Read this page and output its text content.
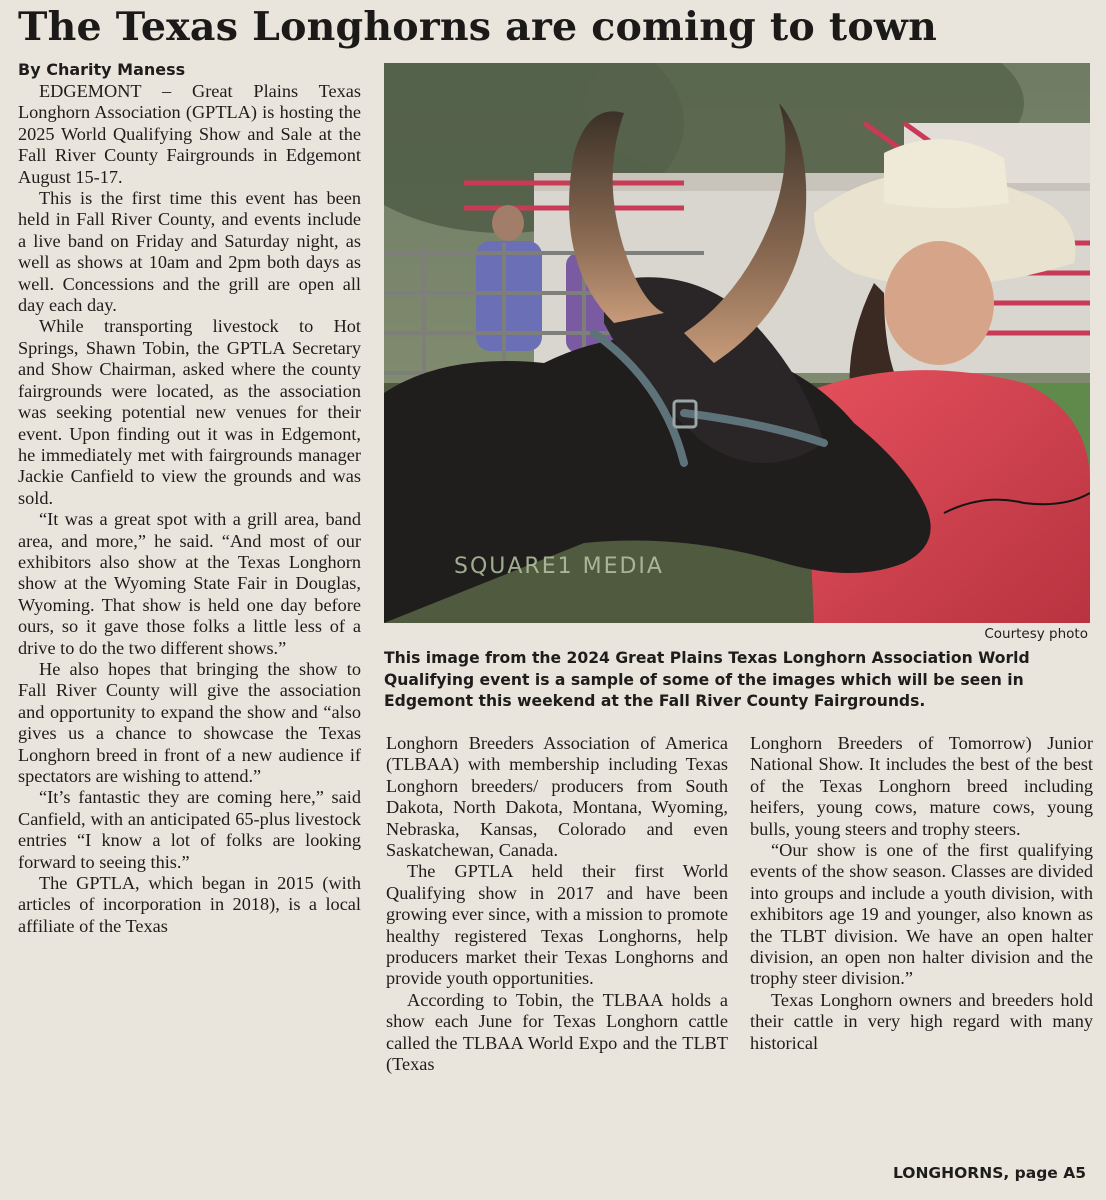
The Texas Longhorns are coming to town
By Charity Maness

EDGEMONT – Great Plains Texas Longhorn Association (GPTLA) is hosting the 2025 World Qualifying Show and Sale at the Fall River County Fairgrounds in Edgemont August 15-17.

This is the first time this event has been held in Fall River County, and events include a live band on Friday and Saturday night, as well as shows at 10am and 2pm both days as well. Concessions and the grill are open all day each day.

While transporting livestock to Hot Springs, Shawn Tobin, the GPTLA Secretary and Show Chairman, asked where the county fairgrounds were located, as the association was seeking potential new venues for their event. Upon finding out it was in Edgemont, he immediately met with fairgrounds manager Jackie Canfield to view the grounds and was sold.

“It was a great spot with a grill area, band area, and more,” he said. “And most of our exhibitors also show at the Texas Longhorn show at the Wyoming State Fair in Douglas, Wyoming. That show is held one day before ours, so it gave those folks a little less of a drive to do the two different shows.”

He also hopes that bringing the show to Fall River County will give the association and opportunity to expand the show and “also gives us a chance to showcase the Texas Longhorn breed in front of a new audience if spectators are wishing to attend.”

“It’s fantastic they are coming here,” said Canfield, with an anticipated 65-plus livestock entries “I know a lot of folks are looking forward to seeing this.”

The GPTLA, which began in 2015 (with articles of incorporation in 2018), is a local affiliate of the Texas

SQUARE1 MEDIA
Courtesy photo
This image from the 2024 Great Plains Texas Longhorn Association World Qualifying event is a sample of some of the images which will be seen in Edgemont this weekend at the Fall River County Fairgrounds.

Longhorn Breeders Association of America (TLBAA) with membership including Texas Longhorn breeders/ producers from South Dakota, North Dakota, Montana, Wyoming, Nebraska, Kansas, Colorado and even Saskatchewan, Canada.

The GPTLA held their first World Qualifying show in 2017 and have been growing ever since, with a mission to promote healthy registered Texas Longhorns, help producers market their Texas Longhorns and provide youth opportunities.

According to Tobin, the TLBAA holds a show each June for Texas Longhorn cattle called the TLBAA World Expo and the TLBT (Texas

Longhorn Breeders of Tomorrow) Junior National Show. It includes the best of the best of the Texas Longhorn breed including heifers, young cows, mature cows, young bulls, young steers and trophy steers.

“Our show is one of the first qualifying events of the show season. Classes are divided into groups and include a youth division, with exhibitors age 19 and younger, also known as the TLBT division. We have an open halter division, an open non halter division and the trophy steer division.”

Texas Longhorn owners and breeders hold their cattle in very high regard with many historical

LONGHORNS, page A5
